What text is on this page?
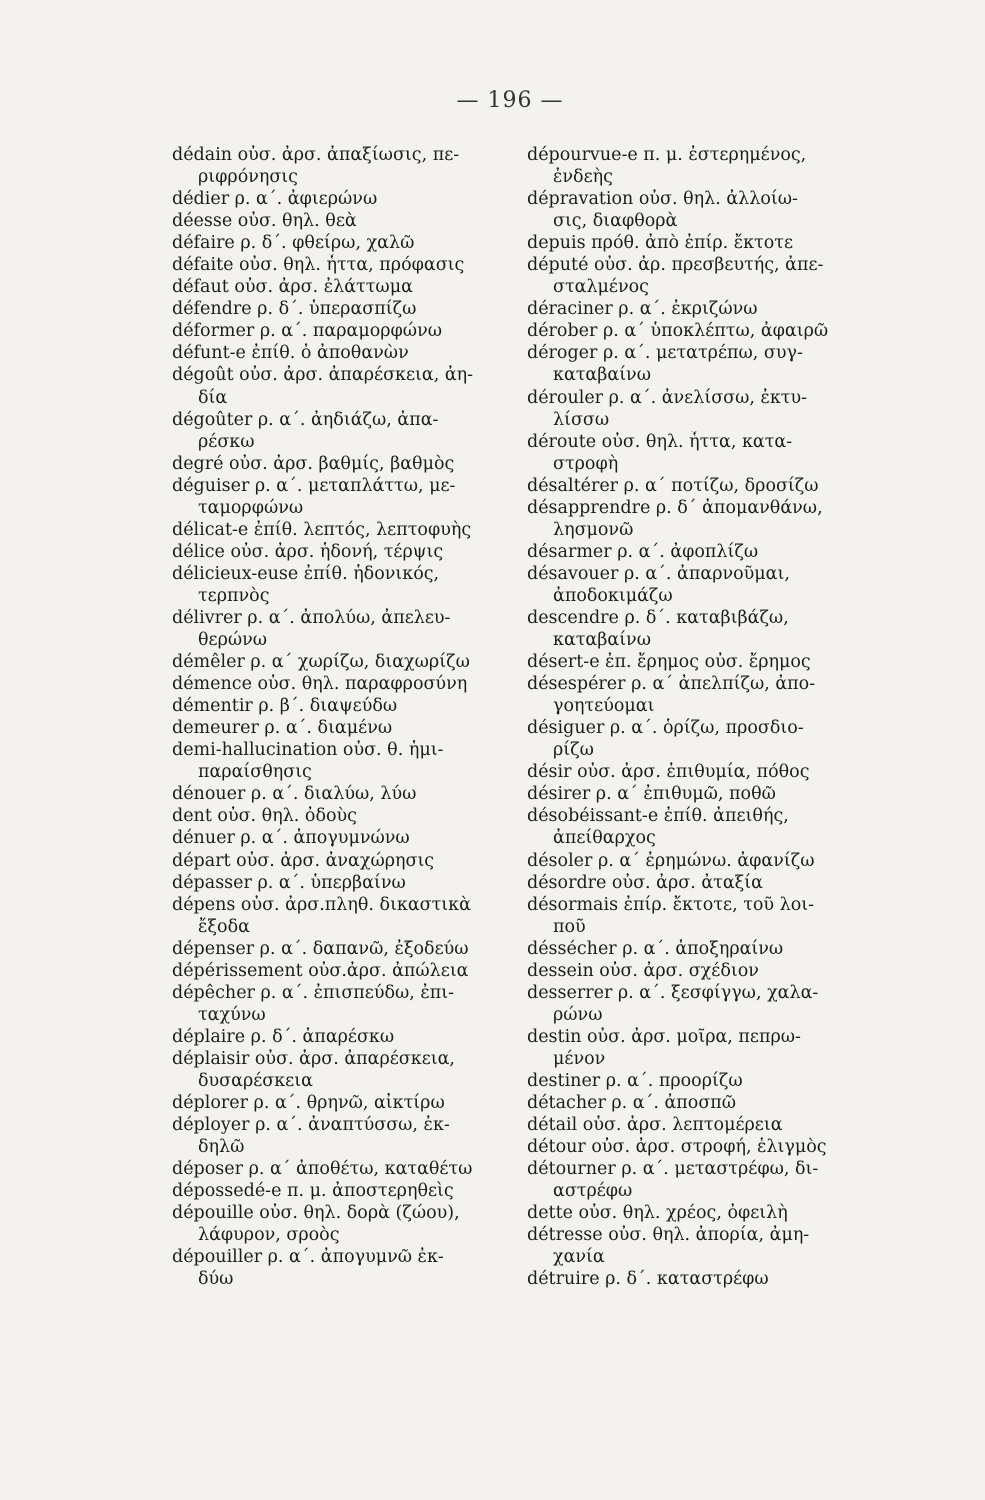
— 196 —
dédain οὐσ. ἀρσ. ἀπαξίωσις, πε-
ριφρόνησις
dédier ρ. α΄. ἀφιερώνω
déesse οὐσ. θηλ. θεὰ
défaire ρ. δ΄. φθείρω, χαλῶ
défaite οὐσ. θηλ. ἧττα, πρόφασις
défaut οὐσ. ἀρσ. ἐλάττωμα
défendre ρ. δ΄. ὑπερασπίζω
déformer ρ. α΄. παραμορφώνω
défunt-e ἐπίθ. ὁ ἀποθανὼν
dégoût οὐσ. ἀρσ. ἀπαρέσκεια, ἀη-
δία
dégoûter ρ. α΄. ἀηδιάζω, ἀπα-
ρέσκω
degré οὐσ. ἀρσ. βαθμίς, βαθμὸς
déguiser ρ. α΄. μεταπλάττω, με-
ταμορφώνω
délicat-e ἐπίθ. λεπτός, λεπτοφυὴς
délice οὐσ. ἀρσ. ἡδονή, τέρψις
délicieux-euse ἐπίθ. ἡδονικός,
τερπνὸς
délivrer ρ. α΄. ἀπολύω, ἀπελευ-
θερώνω
démêler ρ. α΄ χωρίζω, διαχωρίζω
démence οὐσ. θηλ. παραφροσύνη
démentir ρ. β΄. διαψεύδω
demeurer ρ. α΄. διαμένω
demi-hallucination οὐσ. θ. ἡμι-
παραίσθησις
dénouer ρ. α΄. διαλύω, λύω
dent οὐσ. θηλ. ὀδοὺς
dénuer ρ. α΄. ἀπογυμνώνω
départ οὐσ. ἀρσ. ἀναχώρησις
dépasser ρ. α΄. ὑπερβαίνω
dépens οὐσ. ἀρσ.πληθ. δικαστικὰ
ἔξοδα
dépenser ρ. α΄. δαπανῶ, ἐξοδεύω
dépérissement οὐσ.ἀρσ. ἀπώλεια
dépêcher ρ. α΄. ἐπισπεύδω, ἐπι-
ταχύνω
déplaire ρ. δ΄. ἀπαρέσκω
déplaisir οὐσ. ἀρσ. ἀπαρέσκεια,
δυσαρέσκεια
déplorer ρ. α΄. θρηνῶ, αἰκτίρω
déployer ρ. α΄. ἀναπτύσσω, ἐκ-
δηλῶ
déposer ρ. α΄ ἀποθέτω, καταθέτω
dépossedé-e π. μ. ἀποστερηθεὶς
dépouille οὐσ. θηλ. δορὰ (ζώου),
λάφυρον, σροὸς
dépouiller ρ. α΄. ἀπογυμνῶ ἐκ-
δύω
dépourvue-e π. μ. ἐστερημένος,
ἐνδεὴς
dépravation οὐσ. θηλ. ἀλλοίω-
σις, διαφθορὰ
depuis πρόθ. ἀπὸ ἐπίρ. ἔκτοτε
député οὐσ. ἀρ. πρεσβευτής, ἀπε-
σταλμένος
déraciner ρ. α΄. ἐκριζώνω
dérober ρ. α΄ ὑποκλέπτω, ἀφαιρῶ
déroger ρ. α΄. μετατρέπω, συγ-
καταβαίνω
dérouler ρ. α΄. ἀνελίσσω, ἐκτυ-
λίσσω
déroute οὐσ. θηλ. ἧττα, κατα-
στροφὴ
désaltérer ρ. α΄ ποτίζω, δροσίζω
désapprendre ρ. δ΄ ἀπομανθάνω,
λησμονῶ
désarmer ρ. α΄. ἀφοπλίζω
désavouer ρ. α΄. ἀπαρνοῦμαι,
ἀποδοκιμάζω
descendre ρ. δ΄. καταβιβάζω,
καταβαίνω
désert-e ἐπ. ἔρημος οὐσ. ἔρημος
désespérer ρ. α΄ ἀπελπίζω, ἀπο-
γοητεύομαι
désiguer ρ. α΄. ὁρίζω, προσδιο-
ρίζω
désir οὐσ. ἀρσ. ἐπιθυμία, πόθος
désirer ρ. α΄ ἐπιθυμῶ, ποθῶ
désobéissant-e ἐπίθ. ἀπειθής,
ἀπείθαρχος
désoler ρ. α΄ ἐρημώνω. ἀφανίζω
désordre οὐσ. ἀρσ. ἀταξία
désormais ἐπίρ. ἔκτοτε, τοῦ λοι-
ποῦ
déssécher ρ. α΄. ἀποξηραίνω
dessein οὐσ. ἀρσ. σχέδιον
desserrer ρ. α΄. ξεσφίγγω, χαλα-
ρώνω
destin οὐσ. ἀρσ. μοῖρα, πεπρω-
μένον
destiner ρ. α΄. προορίζω
détacher ρ. α΄. ἀποσπῶ
détail οὐσ. ἀρσ. λεπτομέρεια
détour οὐσ. ἀρσ. στροφή, ἑλιγμὸς
détourner ρ. α΄. μεταστρέφω, δι-
αστρέφω
dette οὐσ. θηλ. χρέος, ὀφειλὴ
détresse οὐσ. θηλ. ἀπορία, ἀμη-
χανία
détruire ρ. δ΄. καταστρέφω
